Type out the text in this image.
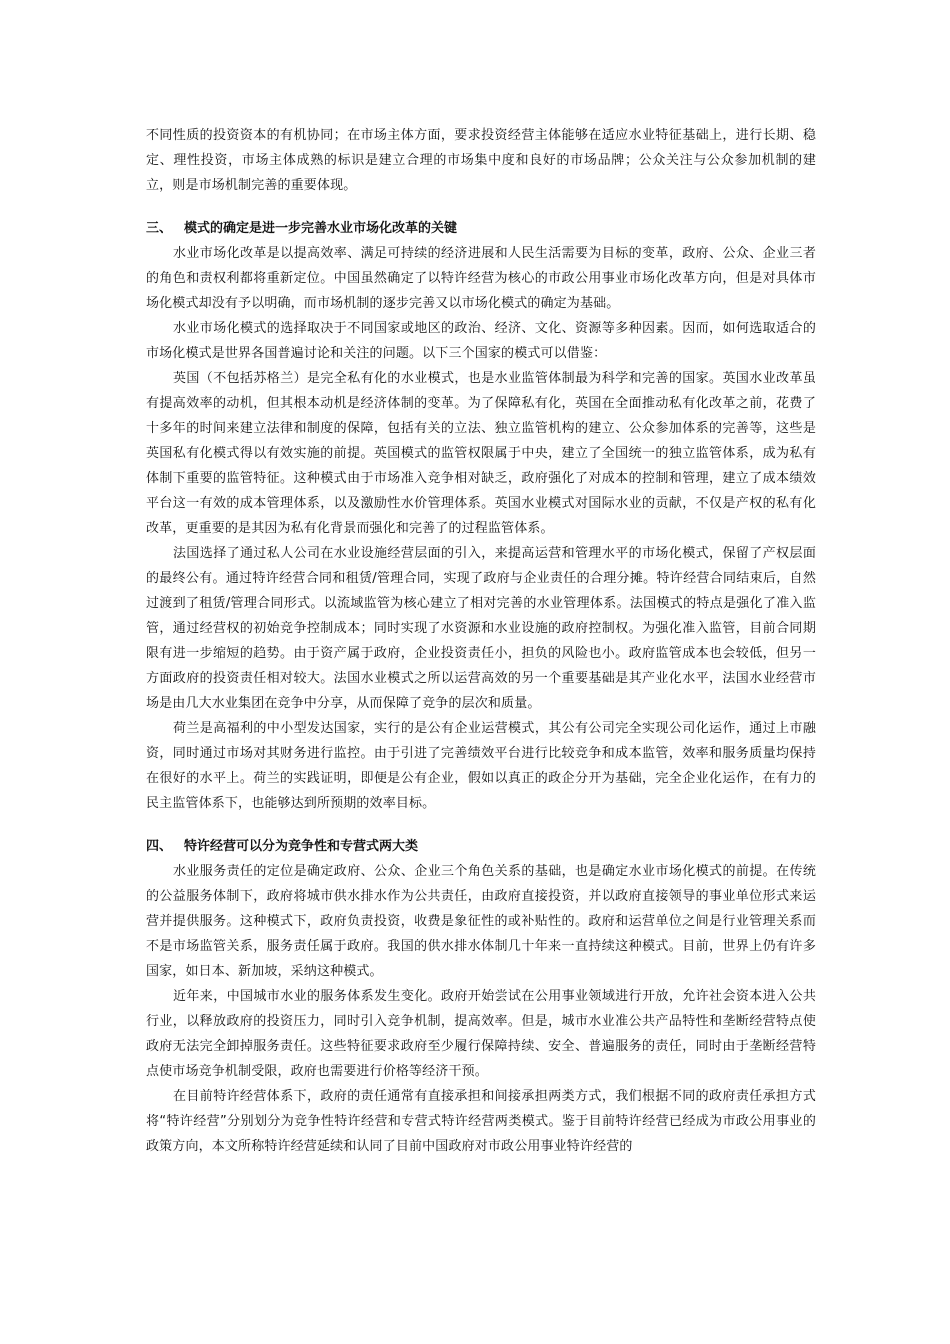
不同性质的投资资本的有机协同；在市场主体方面，要求投资经营主体能够在适应水业特征基础上，进行长期、稳定、理性投资，市场主体成熟的标识是建立合理的市场集中度和良好的市场品牌；公众关注与公众参加机制的建立，则是市场机制完善的重要体现。

三、 模式的确定是进一步完善水业市场化改革的关键

水业市场化改革是以提高效率、满足可持续的经济进展和人民生活需要为目标的变革，政府、公众、企业三者的角色和责权利都将重新定位。中国虽然确定了以特许经营为核心的市政公用事业市场化改革方向，但是对具体市场化模式却没有予以明确，而市场机制的逐步完善又以市场化模式的确定为基础。

水业市场化模式的选择取决于不同国家或地区的政治、经济、文化、资源等多种因素。因而，如何选取适合的市场化模式是世界各国普遍讨论和关注的问题。以下三个国家的模式可以借鉴：

英国（不包括苏格兰）是完全私有化的水业模式，也是水业监管体制最为科学和完善的国家。英国水业改革虽有提高效率的动机，但其根本动机是经济体制的变革。为了保障私有化，英国在全面推动私有化改革之前，花费了十多年的时间来建立法律和制度的保障，包括有关的立法、独立监管机构的建立、公众参加体系的完善等，这些是英国私有化模式得以有效实施的前提。英国模式的监管权限属于中央，建立了全国统一的独立监管体系，成为私有体制下重要的监管特征。这种模式由于市场准入竞争相对缺乏，政府强化了对成本的控制和管理，建立了成本绩效平台这一有效的成本管理体系，以及激励性水价管理体系。英国水业模式对国际水业的贡献，不仅是产权的私有化改革，更重要的是其因为私有化背景而强化和完善了的过程监管体系。

法国选择了通过私人公司在水业设施经营层面的引入，来提高运营和管理水平的市场化模式，保留了产权层面的最终公有。通过特许经营合同和租赁/管理合同，实现了政府与企业责任的合理分摊。特许经营合同结束后，自然过渡到了租赁/管理合同形式。以流域监管为核心建立了相对完善的水业管理体系。法国模式的特点是强化了准入监管，通过经营权的初始竞争控制成本；同时实现了水资源和水业设施的政府控制权。为强化准入监管，目前合同期限有进一步缩短的趋势。由于资产属于政府，企业投资责任小，担负的风险也小。政府监管成本也会较低，但另一方面政府的投资责任相对较大。法国水业模式之所以运营高效的另一个重要基础是其产业化水平，法国水业经营市场是由几大水业集团在竞争中分享，从而保障了竞争的层次和质量。

荷兰是高福利的中小型发达国家，实行的是公有企业运营模式，其公有公司完全实现公司化运作，通过上市融资，同时通过市场对其财务进行监控。由于引进了完善绩效平台进行比较竞争和成本监管，效率和服务质量均保持在很好的水平上。荷兰的实践证明，即便是公有企业，假如以真正的政企分开为基础，完全企业化运作，在有力的民主监管体系下，也能够达到所预期的效率目标。

四、 特许经营可以分为竞争性和专营式两大类

水业服务责任的定位是确定政府、公众、企业三个角色关系的基础，也是确定水业市场化模式的前提。在传统的公益服务体制下，政府将城市供水排水作为公共责任，由政府直接投资，并以政府直接领导的事业单位形式来运营并提供服务。这种模式下，政府负责投资，收费是象征性的或补贴性的。政府和运营单位之间是行业管理关系而不是市场监管关系，服务责任属于政府。我国的供水排水体制几十年来一直持续这种模式。目前，世界上仍有许多国家，如日本、新加坡，采纳这种模式。

近年来，中国城市水业的服务体系发生变化。政府开始尝试在公用事业领域进行开放，允许社会资本进入公共行业，以释放政府的投资压力，同时引入竞争机制，提高效率。但是，城市水业准公共产品特性和垄断经营特点使政府无法完全卸掉服务责任。这些特征要求政府至少履行保障持续、安全、普遍服务的责任，同时由于垄断经营特点使市场竞争机制受限，政府也需要进行价格等经济干预。

在目前特许经营体系下，政府的责任通常有直接承担和间接承担两类方式，我们根据不同的政府责任承担方式将“特许经营”分别划分为竞争性特许经营和专营式特许经营两类模式。鉴于目前特许经营已经成为市政公用事业的政策方向，本文所称特许经营延续和认同了目前中国政府对市政公用事业特许经营的
